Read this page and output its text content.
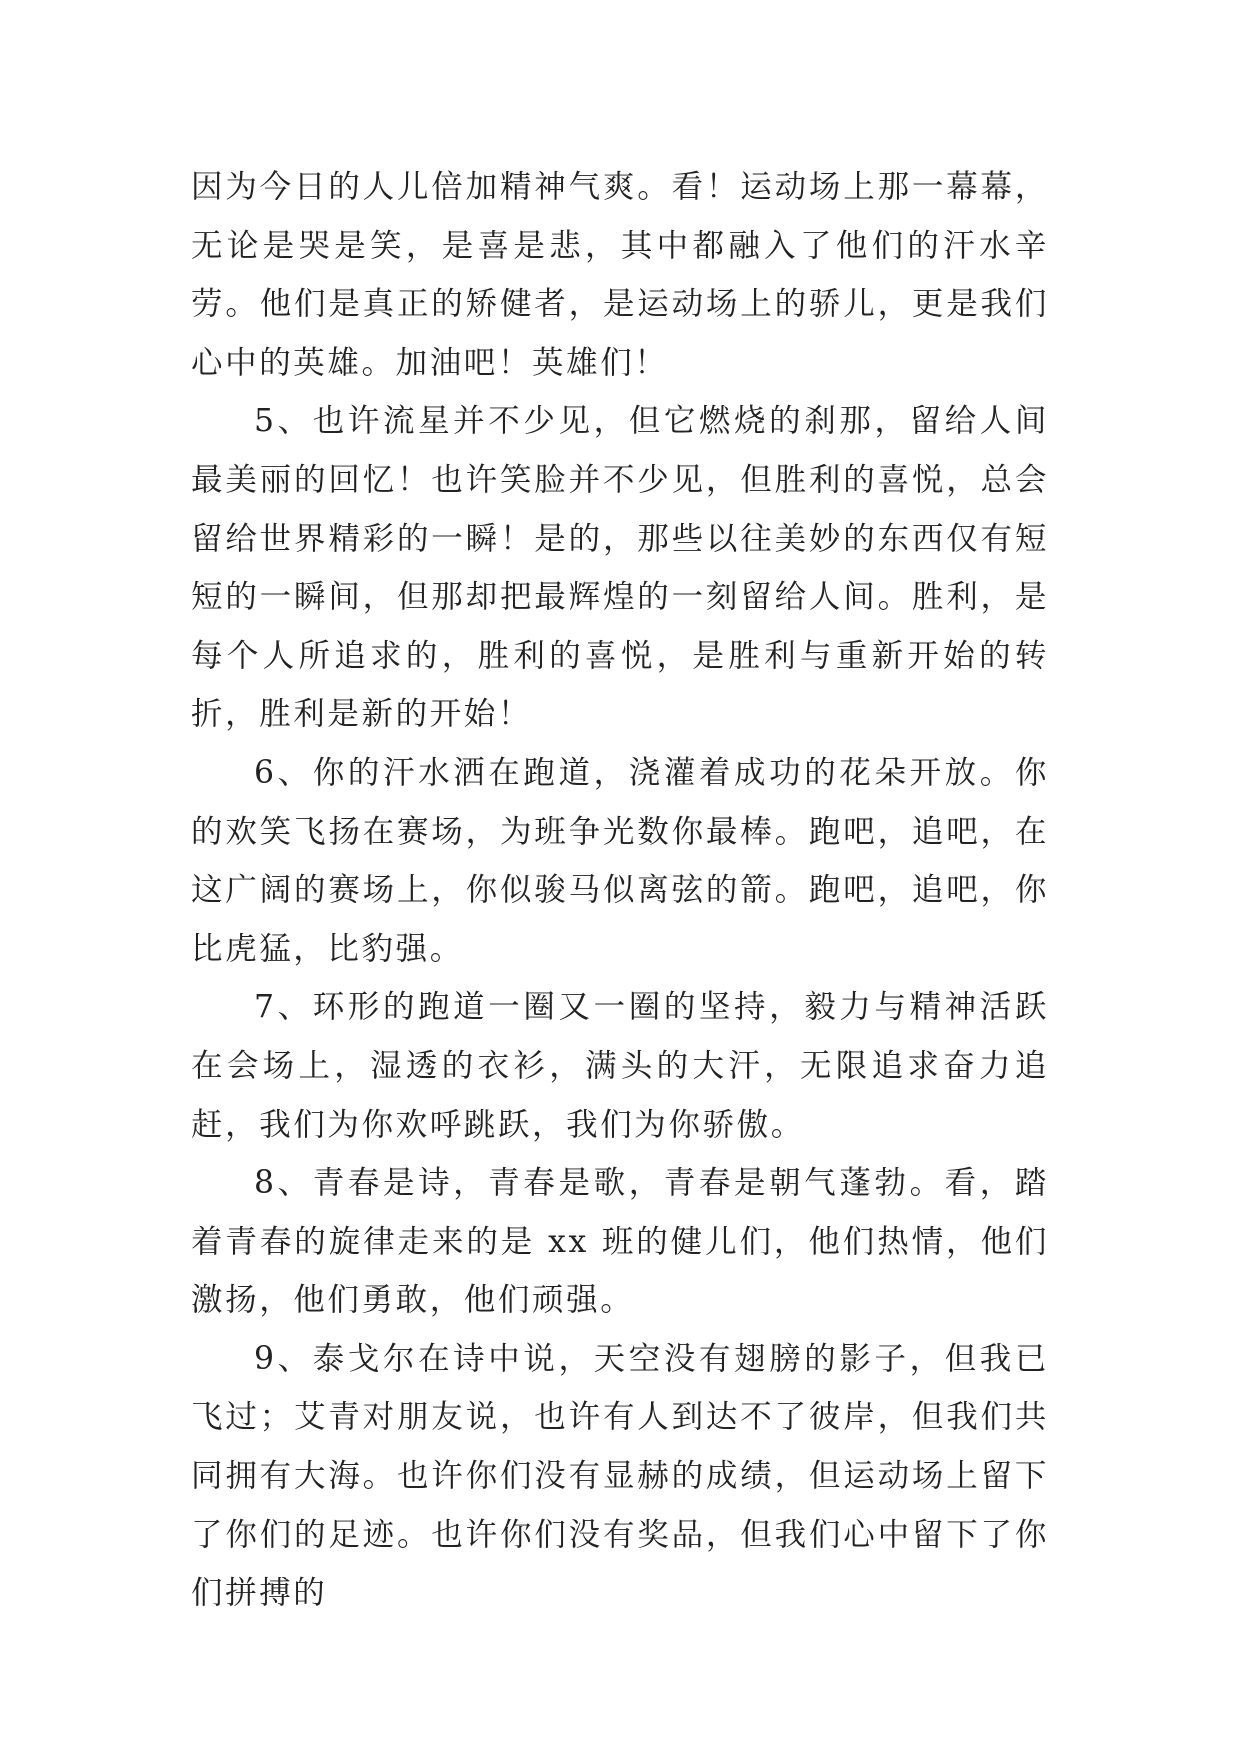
因为今日的人儿倍加精神气爽。看！运动场上那一幕幕，无论是哭是笑，是喜是悲，其中都融入了他们的汗水辛劳。他们是真正的矫健者，是运动场上的骄儿，更是我们心中的英雄。加油吧！英雄们！

5、也许流星并不少见，但它燃烧的刹那，留给人间最美丽的回忆！也许笑脸并不少见，但胜利的喜悦，总会留给世界精彩的一瞬！是的，那些以往美妙的东西仅有短短的一瞬间，但那却把最辉煌的一刻留给人间。胜利，是每个人所追求的，胜利的喜悦，是胜利与重新开始的转折，胜利是新的开始！

6、你的汗水洒在跑道，浇灌着成功的花朵开放。你的欢笑飞扬在赛场，为班争光数你最棒。跑吧，追吧，在这广阔的赛场上，你似骏马似离弦的箭。跑吧，追吧，你比虎猛，比豹强。

7、环形的跑道一圈又一圈的坚持，毅力与精神活跃在会场上，湿透的衣衫，满头的大汗，无限追求奋力追赶，我们为你欢呼跳跃，我们为你骄傲。

8、青春是诗，青春是歌，青春是朝气蓬勃。看，踏着青春的旋律走来的是 xx 班的健儿们，他们热情，他们激扬，他们勇敢，他们顽强。

9、泰戈尔在诗中说，天空没有翅膀的影子，但我已飞过；艾青对朋友说，也许有人到达不了彼岸，但我们共同拥有大海。也许你们没有显赫的成绩，但运动场上留下了你们的足迹。也许你们没有奖品，但我们心中留下了你们拼搏的
